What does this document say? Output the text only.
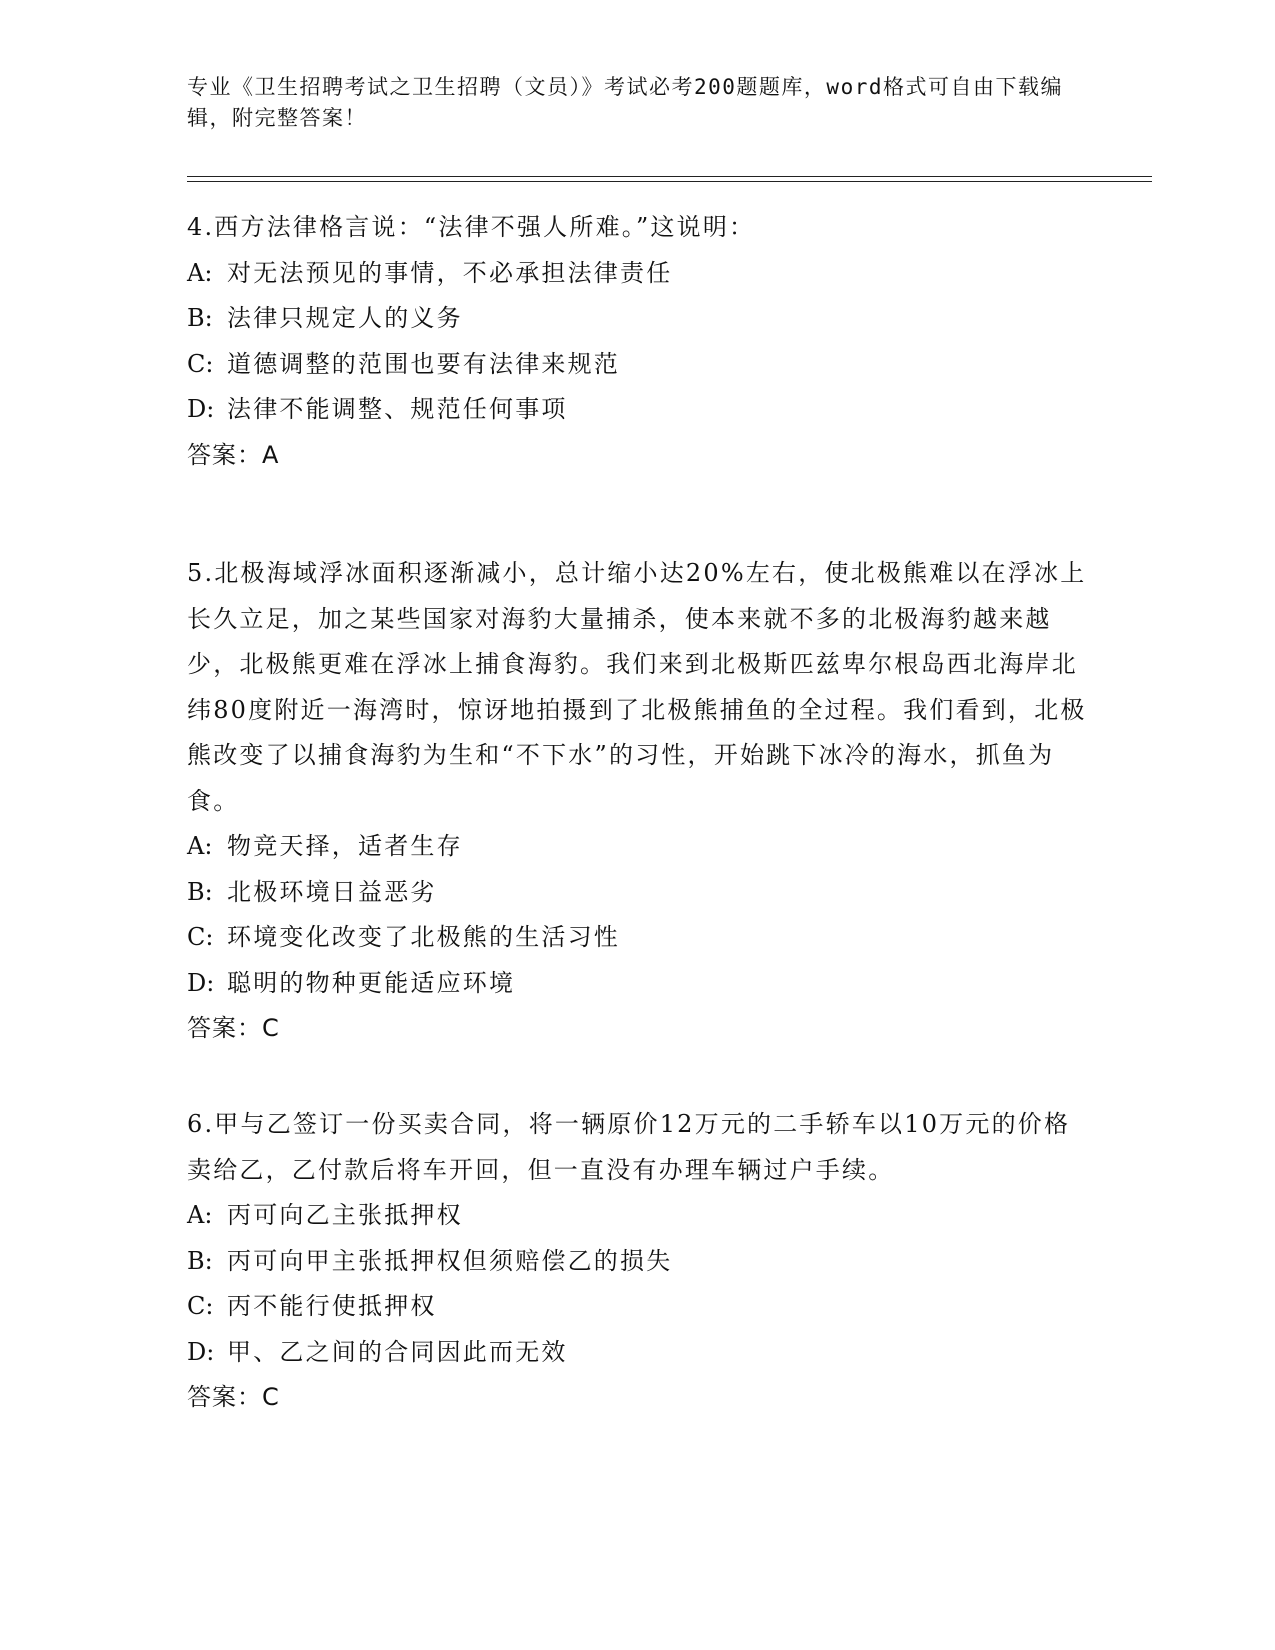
专业《卫生招聘考试之卫生招聘（文员）》考试必考200题题库，word格式可自由下载编辑，附完整答案！

4.西方法律格言说：“法律不强人所难。”这说明：

A: 对无法预见的事情，不必承担法律责任

B: 法律只规定人的义务

C: 道德调整的范围也要有法律来规范

D: 法律不能调整、规范任何事项

答案：A

5.北极海域浮冰面积逐渐减小，总计缩小达20%左右，使北极熊难以在浮冰上长久立足，加之某些国家对海豹大量捕杀，使本来就不多的北极海豹越来越少，北极熊更难在浮冰上捕食海豹。我们来到北极斯匹兹卑尔根岛西北海岸北纬80度附近一海湾时，惊讶地拍摄到了北极熊捕鱼的全过程。我们看到，北极熊改变了以捕食海豹为生和“不下水”的习性，开始跳下冰冷的海水，抓鱼为食。

A: 物竞天择，适者生存

B: 北极环境日益恶劣

C: 环境变化改变了北极熊的生活习性

D: 聪明的物种更能适应环境

答案：C

6.甲与乙签订一份买卖合同，将一辆原价12万元的二手轿车以10万元的价格卖给乙，乙付款后将车开回，但一直没有办理车辆过户手续。

A: 丙可向乙主张抵押权

B: 丙可向甲主张抵押权但须赔偿乙的损失

C: 丙不能行使抵押权

D: 甲、乙之间的合同因此而无效

答案：C
